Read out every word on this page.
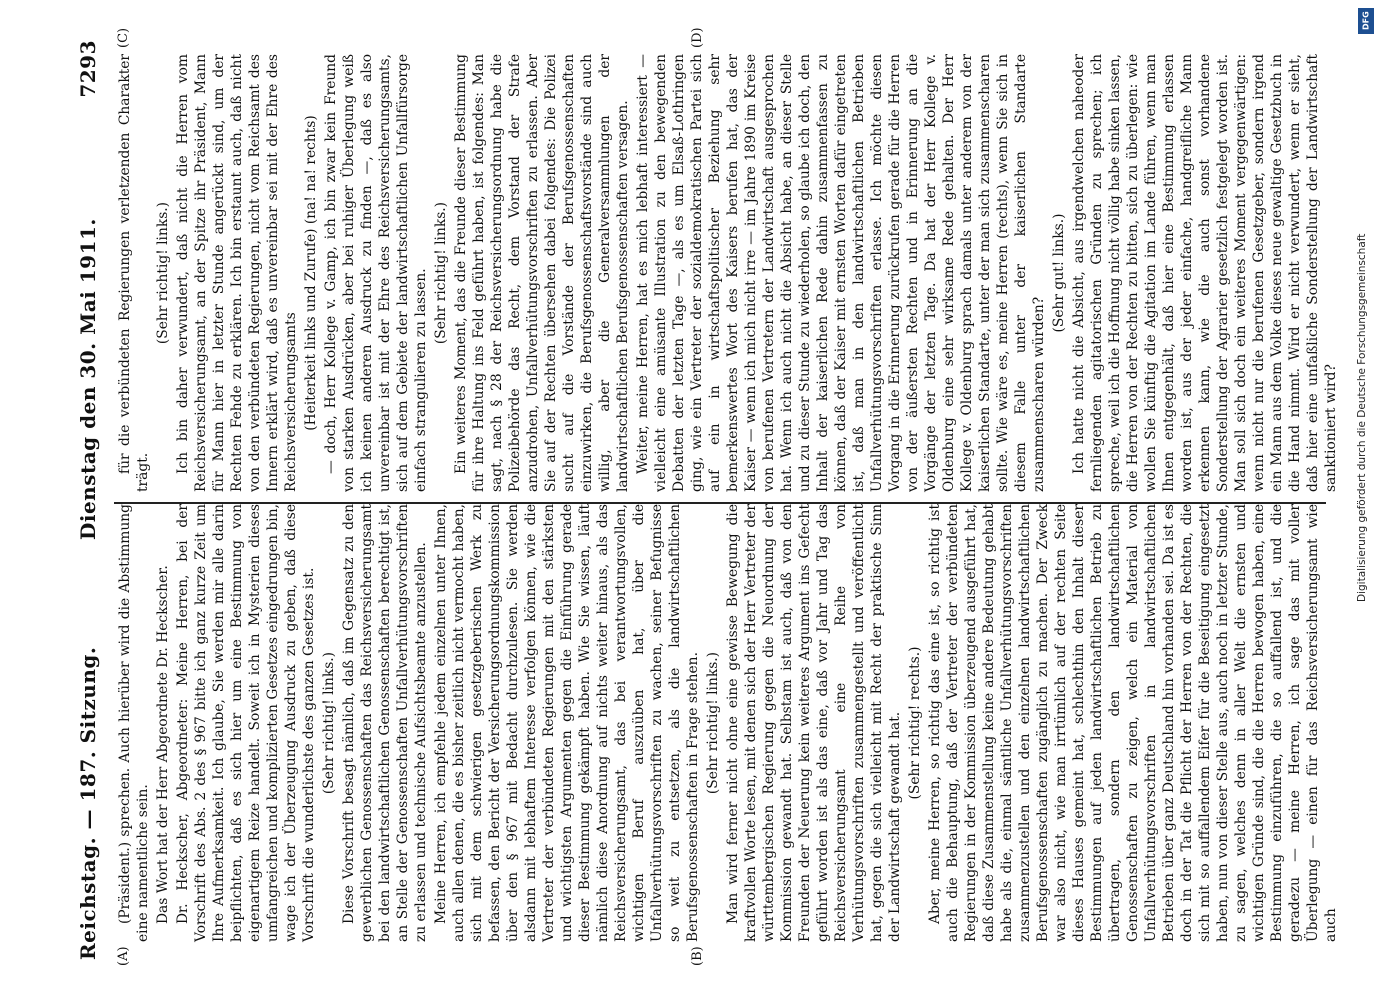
Reichstag. — 187. Sitzung.
Dienstag den 30. Mai 1911.
7293
(A)	(B)
(C)	(D)

(Präsident.) sprechen. Auch hierüber wird die Abstimmung eine namentliche sein. Das Wort hat der Herr Abgeordnete Dr. Heckscher. Dr. Heckscher, Abgeordneter: Meine Herren, bei der Vorschrift des Abs. 2 des § 967 bitte ich ganz kurze Zeit um Ihre Aufmerksamkeit. Ich glaube, Sie werden mir alle darin beipflichten, daß es sich hier um eine Bestimmung von eigenartigem Reize handelt. Soweit ich in Mysterien dieses umfangreichen und komplizierten Gesetzes eingedrungen bin, wage ich der Überzeugung Ausdruck zu geben, daß diese Vorschrift die wunderlichste des ganzen Gesetzes ist. (Sehr richtig! links.) Diese Vorschrift besagt nämlich, daß im Gegensatz zu den gewerblichen Genossenschaften das Reichsversicherungsamt bei den landwirtschaftlichen Genossenschaften berechtigt ist, an Stelle der Genossenschaften Unfallverhütungsvorschriften zu erlassen und technische Aufsichtsbeamte anzustellen. Meine Herren, ich empfehle jedem einzelnen unter Ihnen, auch allen denen, die es bisher zeitlich nicht vermocht haben, sich mit dem schwierigen gesetzgeberischen Werk zu befassen, den Bericht der Versicherungsordnungskommission über den § 967 mit Bedacht durchzulesen. Sie werden alsdann mit lebhaftem Interesse verfolgen können, wie die Vertreter der verbündeten Regierungen mit den stärksten und wichtigsten Argumenten gegen die Einführung gerade dieser Bestimmung gekämpft haben. Wie Sie wissen, läuft nämlich diese Anordnung auf nichts weiter hinaus, als das Reichsversicherungsamt, das bei verantwortungsvollen, wichtigen Beruf auszuüben hat, über die Unfallverhütungsvorschriften zu wachen, seiner Befugnisse so weit zu entsetzen, als die landwirtschaftlichen Berufsgenossenschaften in Frage stehen. (Sehr richtig! links.) Man wird ferner nicht ohne eine gewisse Bewegung die kraftvollen Worte lesen, mit denen sich der Herr Vertreter der württembergischen Regierung gegen die Neuordnung der Kommission gewandt hat. Selbstam ist auch, daß von den Freunden der Neuerung kein weiteres Argument ins Gefecht geführt worden ist als das eine, daß vor Jahr und Tag das Reichsversicherungsamt eine Reihe von Verhütungsvorschriften zusammengestellt und veröffentlicht hat, gegen die sich vielleicht mit Recht der praktische Sinn der Landwirtschaft gewandt hat. (Sehr richtig! rechts.) Aber, meine Herren, so richtig das eine ist, so richtig ist auch die Behauptung, daß der Vertreter der verbündeten Regierungen in der Kommission überzeugend ausgeführt hat, daß diese Zusammenstellung keine andere Bedeutung gehabt habe als die, einmal sämtliche Unfallverhütungsvorschriften zusammenzustellen und den einzelnen landwirtschaftlichen Berufsgenossenschaften zugänglich zu machen. Der Zweck war also nicht, wie man irrtümlich auf der rechten Seite dieses Hauses gemeint hat, schlechthin den Inhalt dieser Bestimmungen auf jeden landwirtschaftlichen Betrieb zu übertragen, sondern den landwirtschaftlichen Genossenschaften zu zeigen, welch ein Material von Unfallverhütungsvorschriften in landwirtschaftlichen Betrieben über ganz Deutschland hin vorhanden sei. Da ist es doch in der Tat die Pflicht der Herren von der Rechten, die sich mit so auffallendem Eifer für die Beseitigung eingesetzt haben, nun von dieser Stelle aus, auch noch in letzter Stunde, zu sagen, welches denn in aller Welt die ernsten und wichtigen Gründe sind, die die Herren bewogen haben, eine Bestimmung einzuführen, die so auffallend ist, und die geradezu — meine Herren, ich sage das mit voller Überlegung — einen für das Reichsversicherungsamt wie auch

für die verbündeten Regierungen verletzenden Charakter trägt.

(Sehr richtig! links.) Ich bin daher verwundert, daß nicht die Herren vom Reichsversicherungsamt, an der Spitze ihr Präsident, Mann für Mann hier in letzter Stunde angerückt sind, um der Rechten Fehde zu erklären. Ich bin erstaunt auch, daß nicht von den verbündeten Regierungen, nicht vom Reichsamt des Innern erklärt wird, daß es unvereinbar sei mit der Ehre des Reichsversicherungsamts (Heiterkeit links und Zurufe) (na! na! rechts) — doch, Herr Kollege v. Gamp, ich bin zwar kein Freund von starken Ausdrücken, aber bei ruhiger Überlegung weiß ich keinen anderen Ausdruck zu finden —, daß es also unvereinbar ist mit der Ehre des Reichsversicherungsamts, sich auf dem Gebiete der landwirtschaftlichen Unfallfürsorge einfach strangulieren zu lassen. (Sehr richtig! links.) Ein weiteres Moment, das die Freunde dieser Bestimmung für ihre Haltung ins Feld geführt haben, ist folgendes: Man sagt, nach § 28 der Reichsversicherungsordnung habe die Polizeibehörde das Recht, dem Vorstand der Strafe anzudrohen, Unfallverhütungsvorschriften zu erlassen. Aber Sie auf der Rechten übersehen dabei folgendes: Die Polizei sucht auf die Vorstände der Berufsgenossenschaften einzuwirken, die Berufsgenossenschaftsvorstände sind auch willig, aber die Generalversammlungen der landwirtschaftlichen Berufsgenossenschaften versagen. Weiter, meine Herren, hat es mich lebhaft interessiert — vielleicht eine amüsante Illustration zu den bewegenden Debatten der letzten Tage —, als es um Elsaß-Lothringen ging, wie ein Vertreter der sozialdemokratischen Partei sich auf ein in wirtschaftspolitischer Beziehung sehr bemerkenswertes Wort des Kaisers berufen hat, das der Kaiser — wenn ich mich nicht irre — im Jahre 1890 im Kreise von berufenen Vertretern der Landwirtschaft ausgesprochen hat. Wenn ich auch nicht die Absicht habe, an dieser Stelle und zu dieser Stunde zu wiederholen, so glaube ich doch, den Inhalt der kaiserlichen Rede dahin zusammenfassen zu können, daß der Kaiser mit ernsten Worten dafür eingetreten ist, daß man in den landwirtschaftlichen Betrieben Unfallverhütungsvorschriften erlasse. Ich möchte diesen Vorgang in die Erinnerung zurückrufen gerade für die Herren von der äußersten Rechten und in Erinnerung an die Vorgänge der letzten Tage. Da hat der Herr Kollege v. Oldenburg eine sehr wirksame Rede gehalten. Der Herr Kollege v. Oldenburg sprach damals unter anderem von der kaiserlichen Standarte, unter der man sich zusammenscharen sollte. Wie wäre es, meine Herren (rechts), wenn Sie sich in diesem Falle unter der kaiserlichen Standarte zusammenscharen würden?

(Sehr gut! links.) Ich hatte nicht die Absicht, aus irgendwelchen naheoder fernliegenden agitatorischen Gründen zu sprechen; ich spreche, weil ich die Hoffnung nicht völlig habe sinken lassen, die Herren von der Rechten zu bitten, sich zu überlegen: wie wollen Sie künftig die Agitation im Lande führen, wenn man Ihnen entgegenhält, daß hier eine Bestimmung erlassen worden ist, aus der jeder einfache, handgreifliche Mann erkennen kann, wie die auch sonst vorhandene Sonderstellung der Agrarier gesetzlich festgelegt worden ist. Man soll sich doch ein weiteres Moment vergegenwärtigen: wenn nicht nur die berufenen Gesetzgeber, sondern irgend ein Mann aus dem Volke dieses neue gewaltige Gesetzbuch in die Hand nimmt. Wird er nicht verwundert, wenn er sieht, daß hier eine unfaßliche Sonderstellung der Landwirtschaft sanktioniert wird?

DFG
Digitalisierung gefördert durch die Deutsche Forschungsgemeinschaft
